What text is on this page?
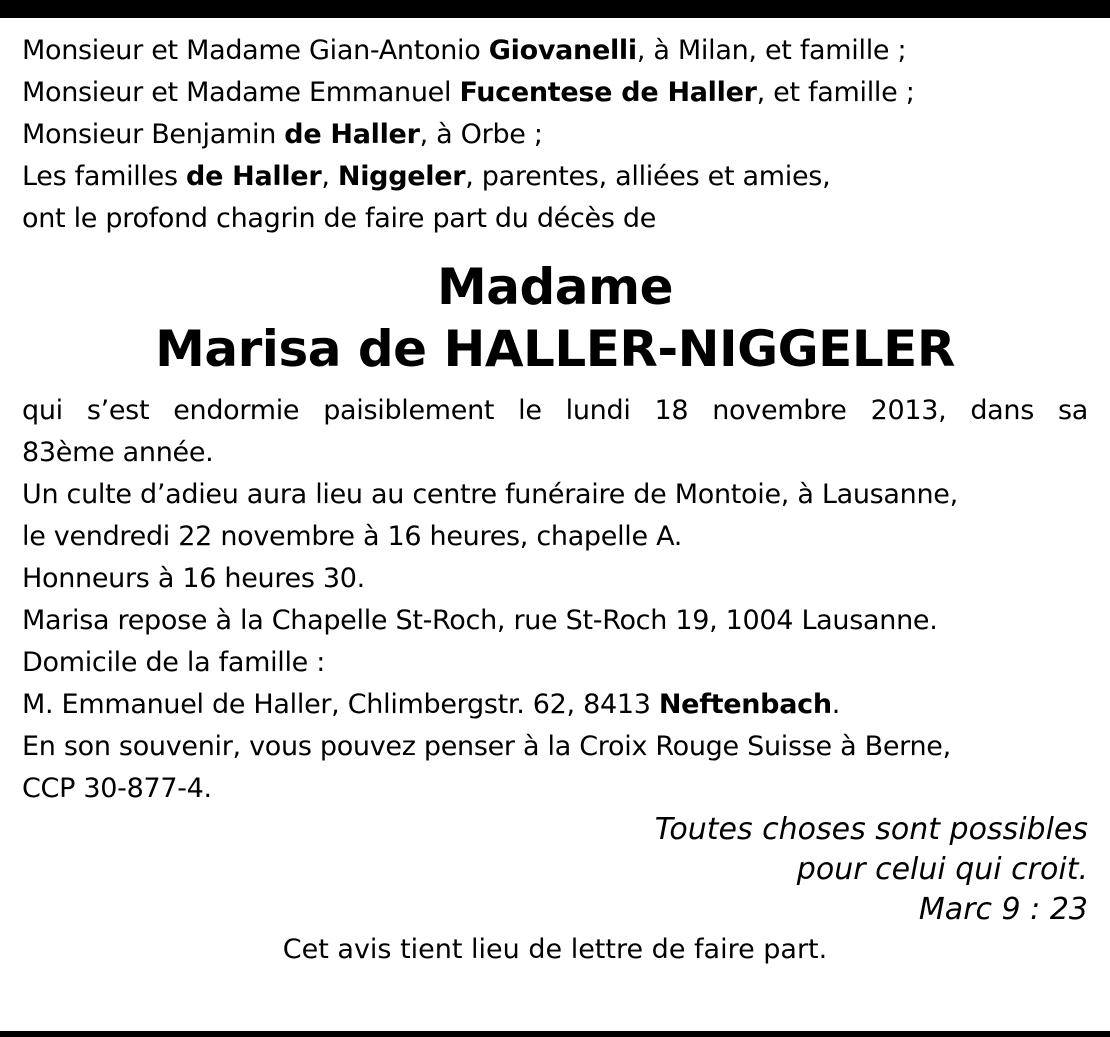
Monsieur et Madame Gian-Antonio Giovanelli, à Milan, et famille ;
Monsieur et Madame Emmanuel Fucentese de Haller, et famille ;
Monsieur Benjamin de Haller, à Orbe ;
Les familles de Haller, Niggeler, parentes, alliées et amies,
ont le profond chagrin de faire part du décès de
Madame
Marisa de HALLER-NIGGELER
qui s’est endormie paisiblement le lundi 18 novembre 2013, dans sa
83ème année.
Un culte d’adieu aura lieu au centre funéraire de Montoie, à Lausanne,
le vendredi 22 novembre à 16 heures, chapelle A.
Honneurs à 16 heures 30.
Marisa repose à la Chapelle St-Roch, rue St-Roch 19, 1004 Lausanne.
Domicile de la famille :
M. Emmanuel de Haller, Chlimbergstr. 62, 8413 Neftenbach.
En son souvenir, vous pouvez penser à la Croix Rouge Suisse à Berne,
CCP 30-877-4.
Toutes choses sont possibles
pour celui qui croit.
Marc 9 : 23
Cet avis tient lieu de lettre de faire part.
